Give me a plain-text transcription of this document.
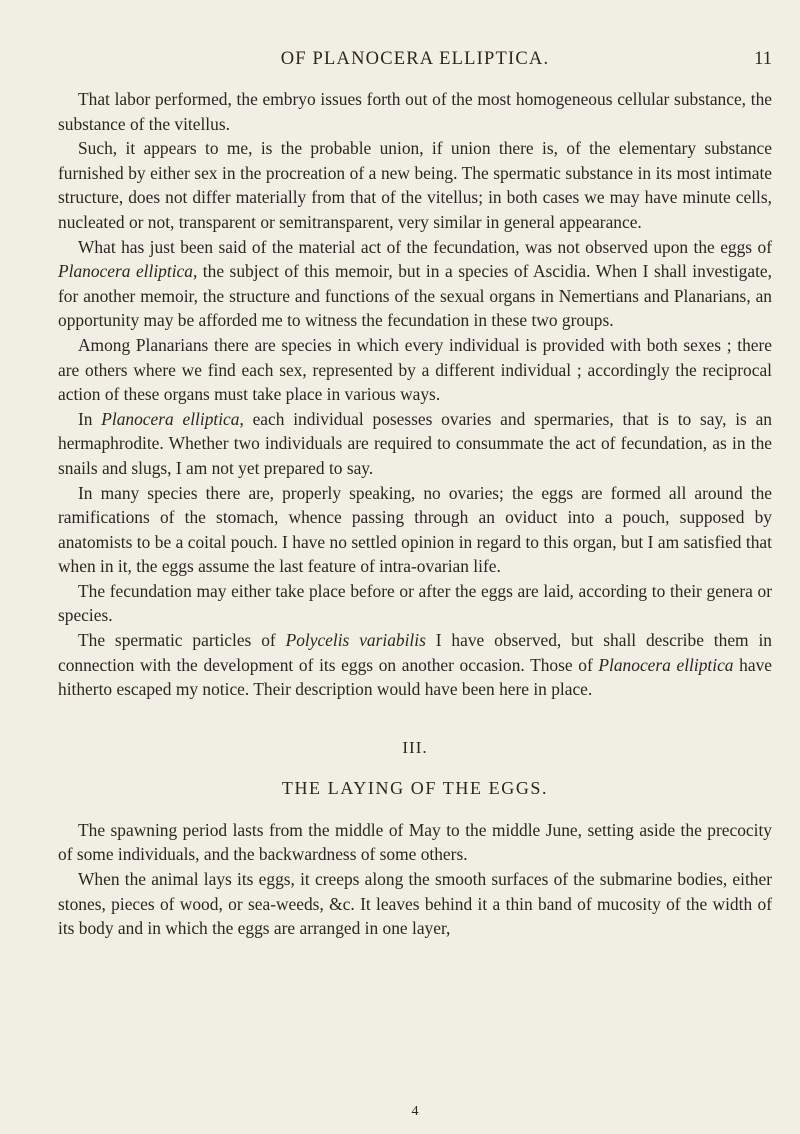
OF PLANOCERA ELLIPTICA.	11

That labor performed, the embryo issues forth out of the most homogeneous cellular substance, the substance of the vitellus.

Such, it appears to me, is the probable union, if union there is, of the elementary substance furnished by either sex in the procreation of a new being. The spermatic substance in its most intimate structure, does not differ materially from that of the vitellus; in both cases we may have minute cells, nucleated or not, transparent or semitransparent, very similar in general appearance.

What has just been said of the material act of the fecundation, was not observed upon the eggs of Planocera elliptica, the subject of this memoir, but in a species of Ascidia. When I shall investigate, for another memoir, the structure and functions of the sexual organs in Nemertians and Planarians, an opportunity may be afforded me to witness the fecundation in these two groups.

Among Planarians there are species in which every individual is provided with both sexes ; there are others where we find each sex, represented by a different individual ; accordingly the reciprocal action of these organs must take place in various ways.

In Planocera elliptica, each individual posesses ovaries and spermaries, that is to say, is an hermaphrodite. Whether two individuals are required to consummate the act of fecundation, as in the snails and slugs, I am not yet prepared to say.

In many species there are, properly speaking, no ovaries; the eggs are formed all around the ramifications of the stomach, whence passing through an oviduct into a pouch, supposed by anatomists to be a coital pouch. I have no settled opinion in regard to this organ, but I am satisfied that when in it, the eggs assume the last feature of intra-ovarian life.

The fecundation may either take place before or after the eggs are laid, according to their genera or species.

The spermatic particles of Polycelis variabilis I have observed, but shall describe them in connection with the development of its eggs on another occasion. Those of Planocera elliptica have hitherto escaped my notice. Their description would have been here in place.

III.
THE LAYING OF THE EGGS.

The spawning period lasts from the middle of May to the middle June, setting aside the precocity of some individuals, and the backwardness of some others.

When the animal lays its eggs, it creeps along the smooth surfaces of the submarine bodies, either stones, pieces of wood, or sea-weeds, &c. It leaves behind it a thin band of mucosity of the width of its body and in which the eggs are arranged in one layer,

4
